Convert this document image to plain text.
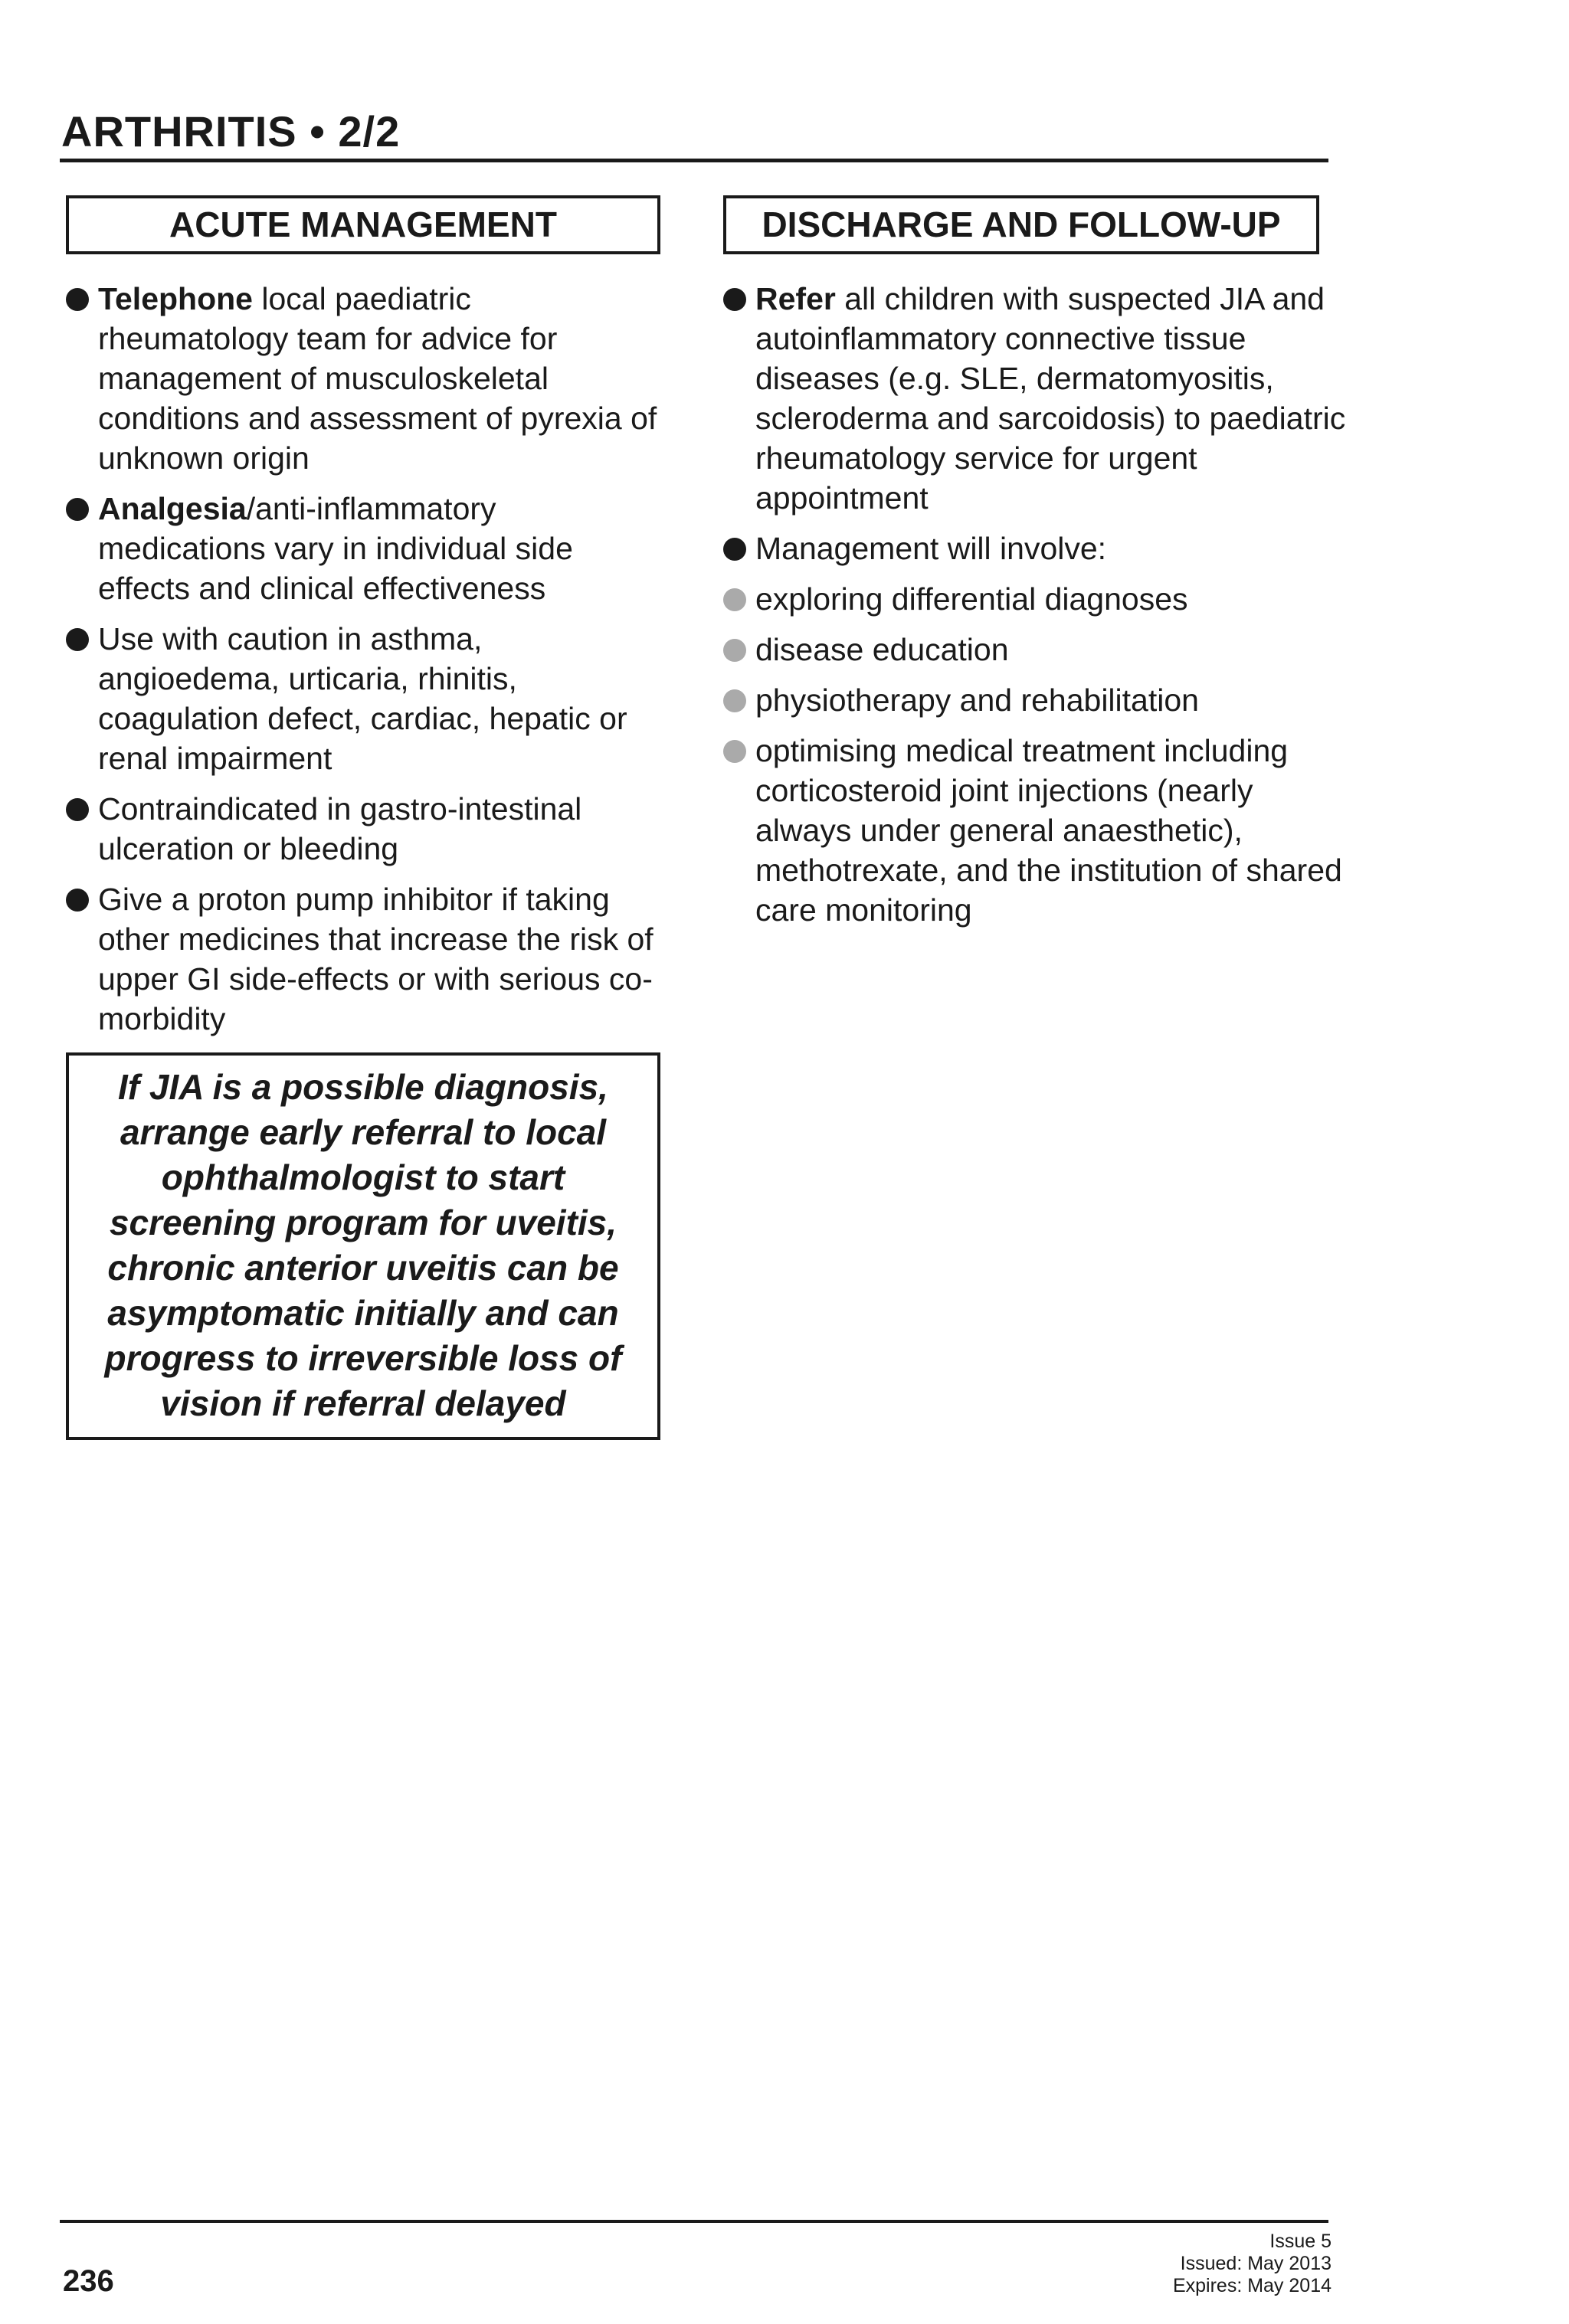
ARTHRITIS • 2/2
ACUTE MANAGEMENT
Telephone local paediatric rheumatology team for advice for management of musculoskeletal conditions and assessment of pyrexia of unknown origin
Analgesia/anti-inflammatory medications vary in individual side effects and clinical effectiveness
Use with caution in asthma, angioedema, urticaria, rhinitis, coagulation defect, cardiac, hepatic or renal impairment
Contraindicated in gastro-intestinal ulceration or bleeding
Give a proton pump inhibitor if taking other medicines that increase the risk of upper GI side-effects or with serious co-morbidity
If JIA is a possible diagnosis, arrange early referral to local ophthalmologist to start screening program for uveitis, chronic anterior uveitis can be asymptomatic initially and can progress to irreversible loss of vision if referral delayed
DISCHARGE AND FOLLOW-UP
Refer all children with suspected JIA and autoinflammatory connective tissue diseases (e.g. SLE, dermatomyositis, scleroderma and sarcoidosis) to paediatric rheumatology service for urgent appointment
Management will involve:
exploring differential diagnoses
disease education
physiotherapy and rehabilitation
optimising medical treatment including corticosteroid joint injections (nearly always under general anaesthetic), methotrexate, and the institution of shared care monitoring
236
Issue 5
Issued: May 2013
Expires: May 2014
